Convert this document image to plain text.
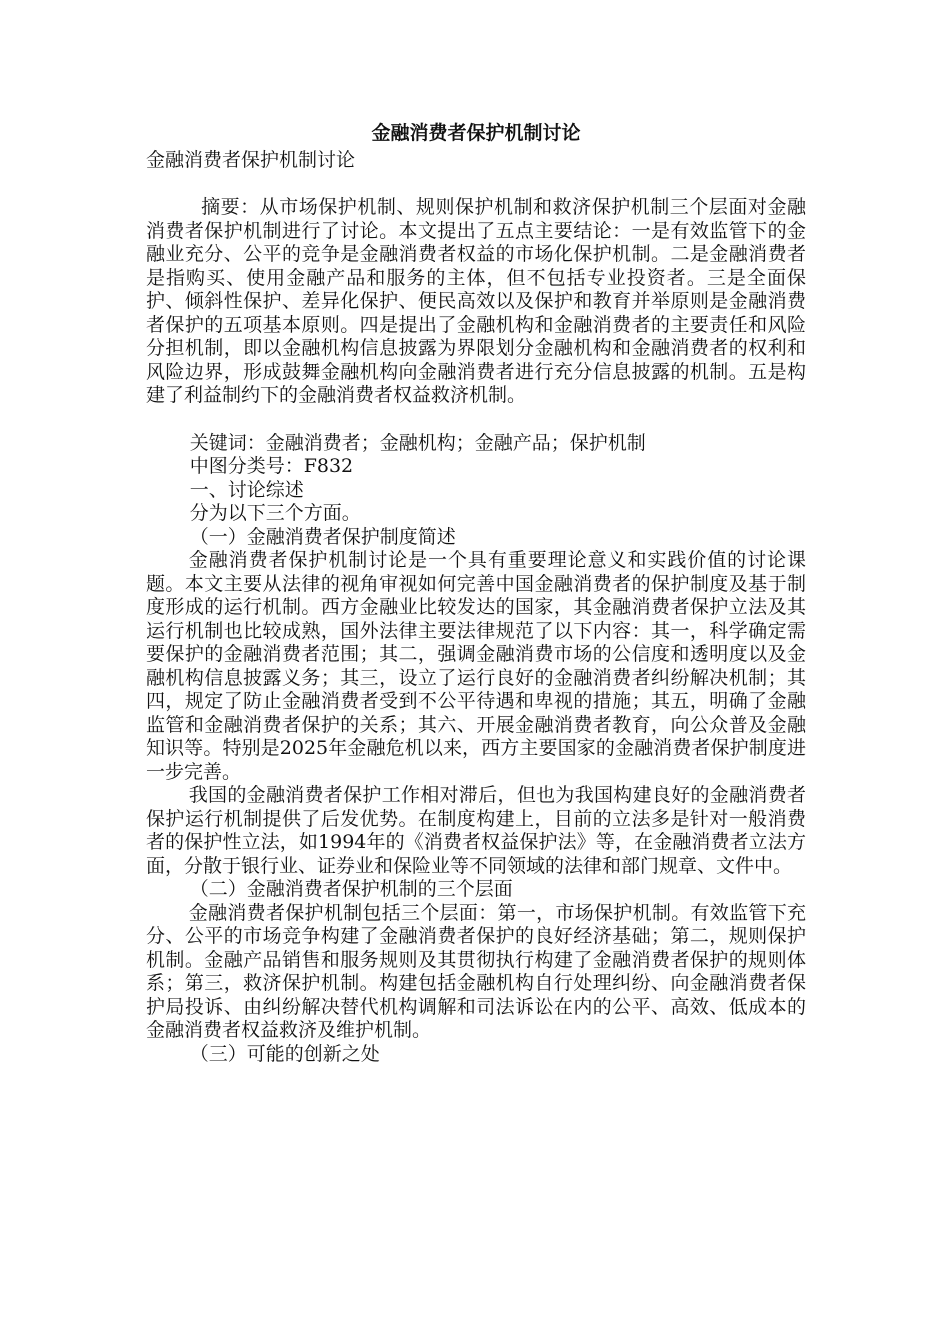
金融消费者保护机制讨论

金融消费者保护机制讨论

摘要：从市场保护机制、规则保护机制和救济保护机制三个层面对金融消费者保护机制进行了讨论。本文提出了五点主要结论：一是有效监管下的金融业充分、公平的竞争是金融消费者权益的市场化保护机制。二是金融消费者是指购买、使用金融产品和服务的主体，但不包括专业投资者。三是全面保护、倾斜性保护、差异化保护、便民高效以及保护和教育并举原则是金融消费者保护的五项基本原则。四是提出了金融机构和金融消费者的主要责任和风险分担机制，即以金融机构信息披露为界限划分金融机构和金融消费者的权利和风险边界，形成鼓舞金融机构向金融消费者进行充分信息披露的机制。五是构建了利益制约下的金融消费者权益救济机制。

关键词：金融消费者；金融机构；金融产品；保护机制

中图分类号：F832

一、讨论综述

分为以下三个方面。

（一）金融消费者保护制度简述

金融消费者保护机制讨论是一个具有重要理论意义和实践价值的讨论课题。本文主要从法律的视角审视如何完善中国金融消费者的保护制度及基于制度形成的运行机制。西方金融业比较发达的国家，其金融消费者保护立法及其运行机制也比较成熟，国外法律主要法律规范了以下内容：其一，科学确定需要保护的金融消费者范围；其二，强调金融消费市场的公信度和透明度以及金融机构信息披露义务；其三，设立了运行良好的金融消费者纠纷解决机制；其四，规定了防止金融消费者受到不公平待遇和卑视的措施；其五，明确了金融监管和金融消费者保护的关系；其六、开展金融消费者教育，向公众普及金融知识等。特别是2025年金融危机以来，西方主要国家的金融消费者保护制度进一步完善。

我国的金融消费者保护工作相对滞后，但也为我国构建良好的金融消费者保护运行机制提供了后发优势。在制度构建上，目前的立法多是针对一般消费者的保护性立法，如1994年的《消费者权益保护法》等，在金融消费者立法方面，分散于银行业、证券业和保险业等不同领域的法律和部门规章、文件中。

（二）金融消费者保护机制的三个层面

金融消费者保护机制包括三个层面：第一，市场保护机制。有效监管下充分、公平的市场竞争构建了金融消费者保护的良好经济基础；第二，规则保护机制。金融产品销售和服务规则及其贯彻执行构建了金融消费者保护的规则体系；第三，救济保护机制。构建包括金融机构自行处理纠纷、向金融消费者保护局投诉、由纠纷解决替代机构调解和司法诉讼在内的公平、高效、低成本的金融消费者权益救济及维护机制。

（三）可能的创新之处
